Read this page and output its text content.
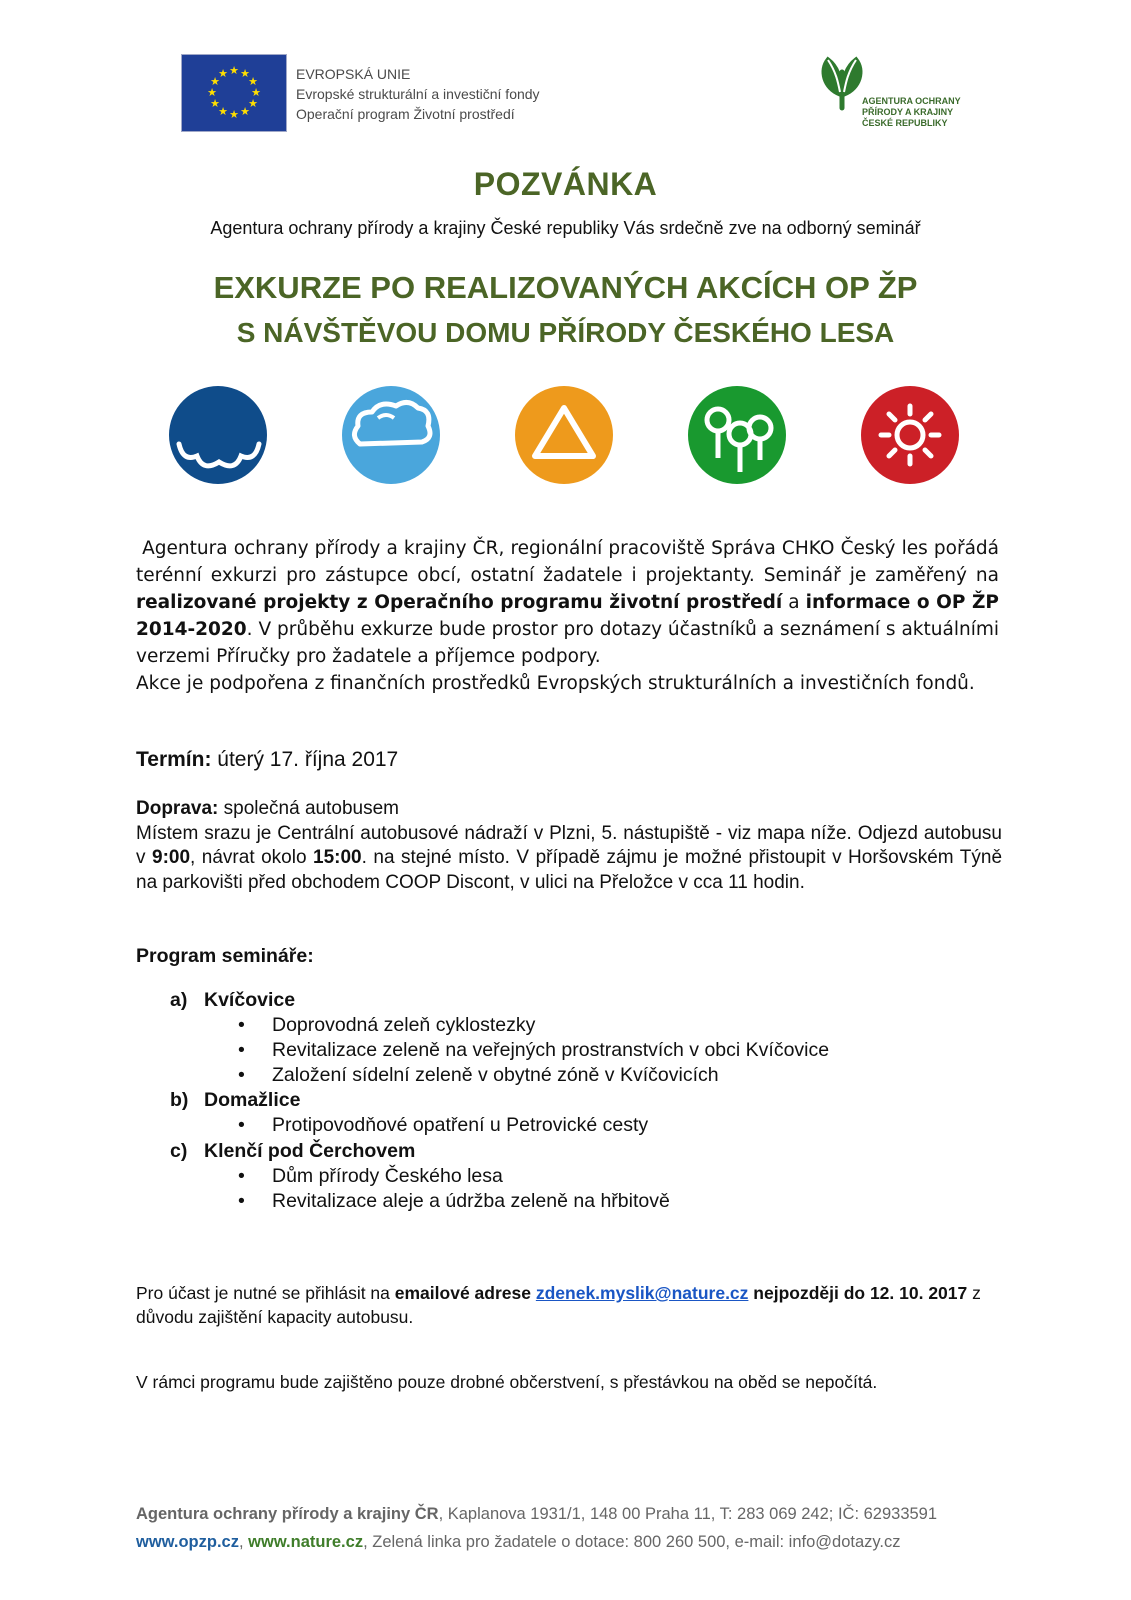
★ ★
★
★
★
★
★
★
★
★
★
★	EVROPSKÁ UNIE
Evropské strukturální a investiční fondy
Operační program Životní prostředí
AGENTURA OCHRANY
PŘÍRODY A KRAJINY
ČESKÉ REPUBLIKY
POZVÁNKA
Agentura ochrany přírody a krajiny České republiky Vás srdečně zve na odborný seminář
EXKURZE PO REALIZOVANÝCH AKCÍCH OP ŽP
S NÁVŠTĚVOU DOMU PŘÍRODY ČESKÉHO LESA
Agentura ochrany přírody a krajiny ČR, regionální pracoviště Správa CHKO Český les pořádá terénní exkurzi pro zástupce obcí, ostatní žadatele i projektanty. Seminář je zaměřený na realizované projekty z Operačního programu životní prostředí a informace o OP ŽP 2014-2020. V průběhu exkurze bude prostor pro dotazy účastníků a seznámení s aktuálními verzemi Příručky pro žadatele a příjemce podpory.
Akce je podpořena z finančních prostředků Evropských strukturálních a investičních fondů.
Termín: úterý 17. října 2017
Doprava: společná autobusem
Místem srazu je Centrální autobusové nádraží v Plzni, 5. nástupiště - viz mapa níže. Odjezd autobusu v 9:00, návrat okolo 15:00. na stejné místo. V případě zájmu je možné přistoupit v Horšovském Týně na parkovišti před obchodem COOP Discont, v ulici na Přeložce v cca 11 hodin.
Program semináře:
a) Kvíčovice
• Doprovodná zeleň cyklostezky
• Revitalizace zeleně na veřejných prostranstvích v obci Kvíčovice
• Založení sídelní zeleně v obytné zóně v Kvíčovicích
b) Domažlice
• Protipovodňové opatření u Petrovické cesty
c) Klenčí pod Čerchovem
• Dům přírody Českého lesa
• Revitalizace aleje a údržba zeleně na hřbitově
Pro účast je nutné se přihlásit na emailové adrese zdenek.myslik@nature.cz nejpozději do 12. 10. 2017 z důvodu zajištění kapacity autobusu.
V rámci programu bude zajištěno pouze drobné občerstvení, s přestávkou na oběd se nepočítá.
Agentura ochrany přírody a krajiny ČR, Kaplanova 1931/1, 148 00 Praha 11, T: 283 069 242; IČ: 62933591
www.opzp.cz, www.nature.cz, Zelená linka pro žadatele o dotace: 800 260 500, e-mail: info@dotazy.cz
